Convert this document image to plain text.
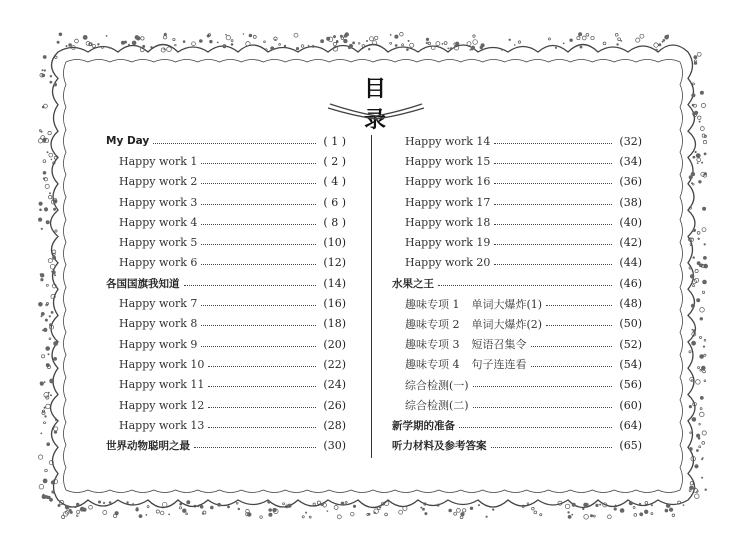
目录
My Day	( 1 )
Happy work 1	( 2 )
Happy work 2	( 4 )
Happy work 3	( 6 )
Happy work 4	( 8 )
Happy work 5	(10)
Happy work 6	(12)
各国国旗我知道	(14)
Happy work 7	(16)
Happy work 8	(18)
Happy work 9	(20)
Happy work 10	(22)
Happy work 11	(24)
Happy work 12	(26)
Happy work 13	(28)
世界动物聪明之最	(30)
Happy work 14	(32)
Happy work 15	(34)
Happy work 16	(36)
Happy work 17	(38)
Happy work 18	(40)
Happy work 19	(42)
Happy work 20	(44)
水果之王	(46)
趣味专项 1 单词大爆炸(1)	(48)
趣味专项 2 单词大爆炸(2)	(50)
趣味专项 3 短语召集令	(52)
趣味专项 4 句子连连看	(54)
综合检测(一)	(56)
综合检测(二)	(60)
新学期的准备	(64)
听力材料及参考答案	(65)
